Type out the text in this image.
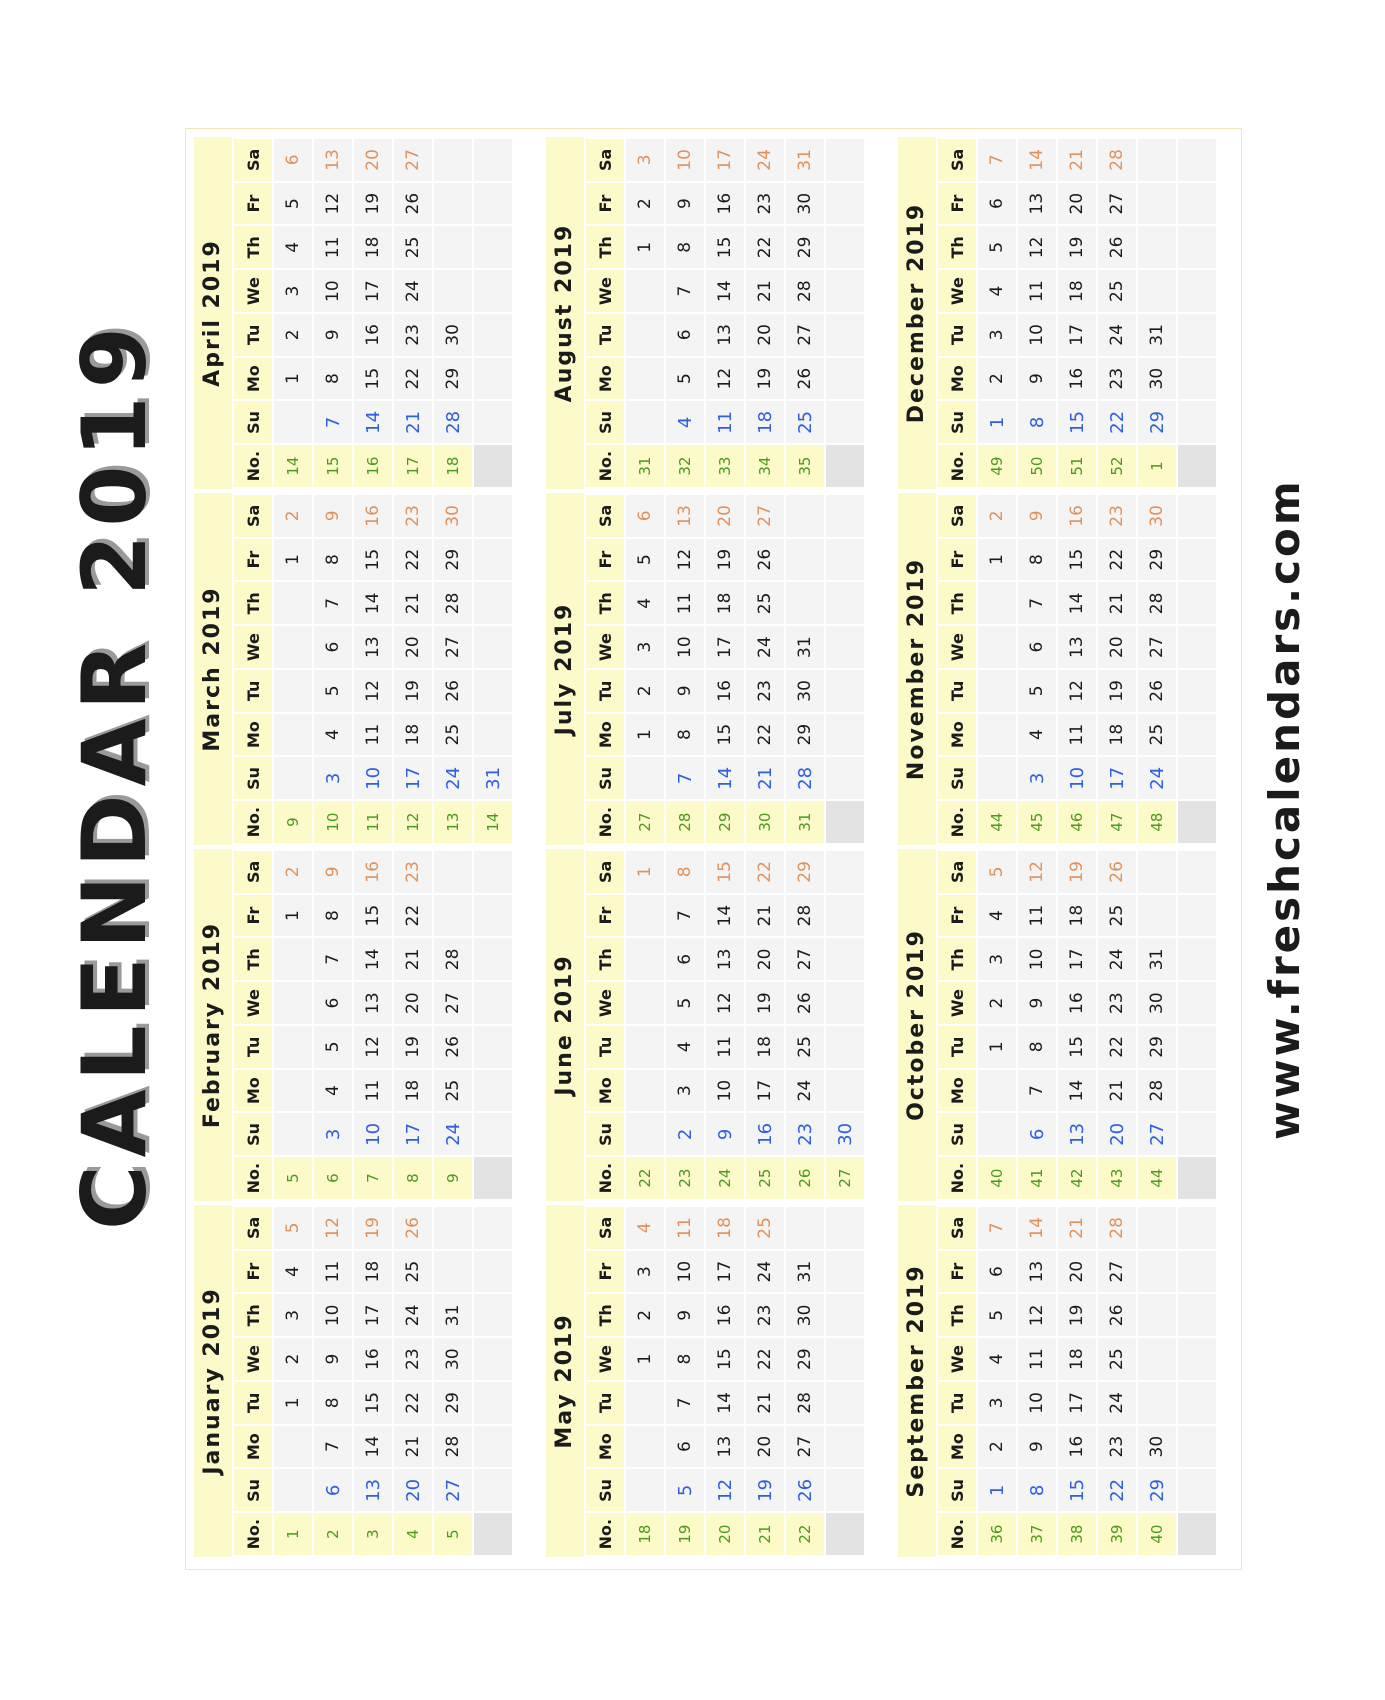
CALENDAR 2019
January 2019
No.	Su	Mo	Tu	We	Th	Fr	Sa
1			1	2	3	4	5
2	6	7	8	9	10	11	12
3	13	14	15	16	17	18	19
4	20	21	22	23	24	25	26
5	27	28	29	30	31		

February 2019
No.	Su	Mo	Tu	We	Th	Fr	Sa
5						1	2
6	3	4	5	6	7	8	9
7	10	11	12	13	14	15	16
8	17	18	19	20	21	22	23
9	24	25	26	27	28		

March 2019
No.	Su	Mo	Tu	We	Th	Fr	Sa
9						1	2
10	3	4	5	6	7	8	9
11	10	11	12	13	14	15	16
12	17	18	19	20	21	22	23
13	24	25	26	27	28	29	30
14	31						
April 2019
No.	Su	Mo	Tu	We	Th	Fr	Sa
14		1	2	3	4	5	6
15	7	8	9	10	11	12	13
16	14	15	16	17	18	19	20
17	21	22	23	24	25	26	27
18	28	29	30				

May 2019
No.	Su	Mo	Tu	We	Th	Fr	Sa
18				1	2	3	4
19	5	6	7	8	9	10	11
20	12	13	14	15	16	17	18
21	19	20	21	22	23	24	25
22	26	27	28	29	30	31	

June 2019
No.	Su	Mo	Tu	We	Th	Fr	Sa
22							1
23	2	3	4	5	6	7	8
24	9	10	11	12	13	14	15
25	16	17	18	19	20	21	22
26	23	24	25	26	27	28	29
27	30						
July 2019
No.	Su	Mo	Tu	We	Th	Fr	Sa
27		1	2	3	4	5	6
28	7	8	9	10	11	12	13
29	14	15	16	17	18	19	20
30	21	22	23	24	25	26	27
31	28	29	30	31			

August 2019
No.	Su	Mo	Tu	We	Th	Fr	Sa
31					1	2	3
32	4	5	6	7	8	9	10
33	11	12	13	14	15	16	17
34	18	19	20	21	22	23	24
35	25	26	27	28	29	30	31

September 2019
No.	Su	Mo	Tu	We	Th	Fr	Sa
36	1	2	3	4	5	6	7
37	8	9	10	11	12	13	14
38	15	16	17	18	19	20	21
39	22	23	24	25	26	27	28
40	29	30					

October 2019
No.	Su	Mo	Tu	We	Th	Fr	Sa
40			1	2	3	4	5
41	6	7	8	9	10	11	12
42	13	14	15	16	17	18	19
43	20	21	22	23	24	25	26
44	27	28	29	30	31		

November 2019
No.	Su	Mo	Tu	We	Th	Fr	Sa
44						1	2
45	3	4	5	6	7	8	9
46	10	11	12	13	14	15	16
47	17	18	19	20	21	22	23
48	24	25	26	27	28	29	30

December 2019
No.	Su	Mo	Tu	We	Th	Fr	Sa
49	1	2	3	4	5	6	7
50	8	9	10	11	12	13	14
51	15	16	17	18	19	20	21
52	22	23	24	25	26	27	28
1	29	30	31				

www.freshcalendars.com
